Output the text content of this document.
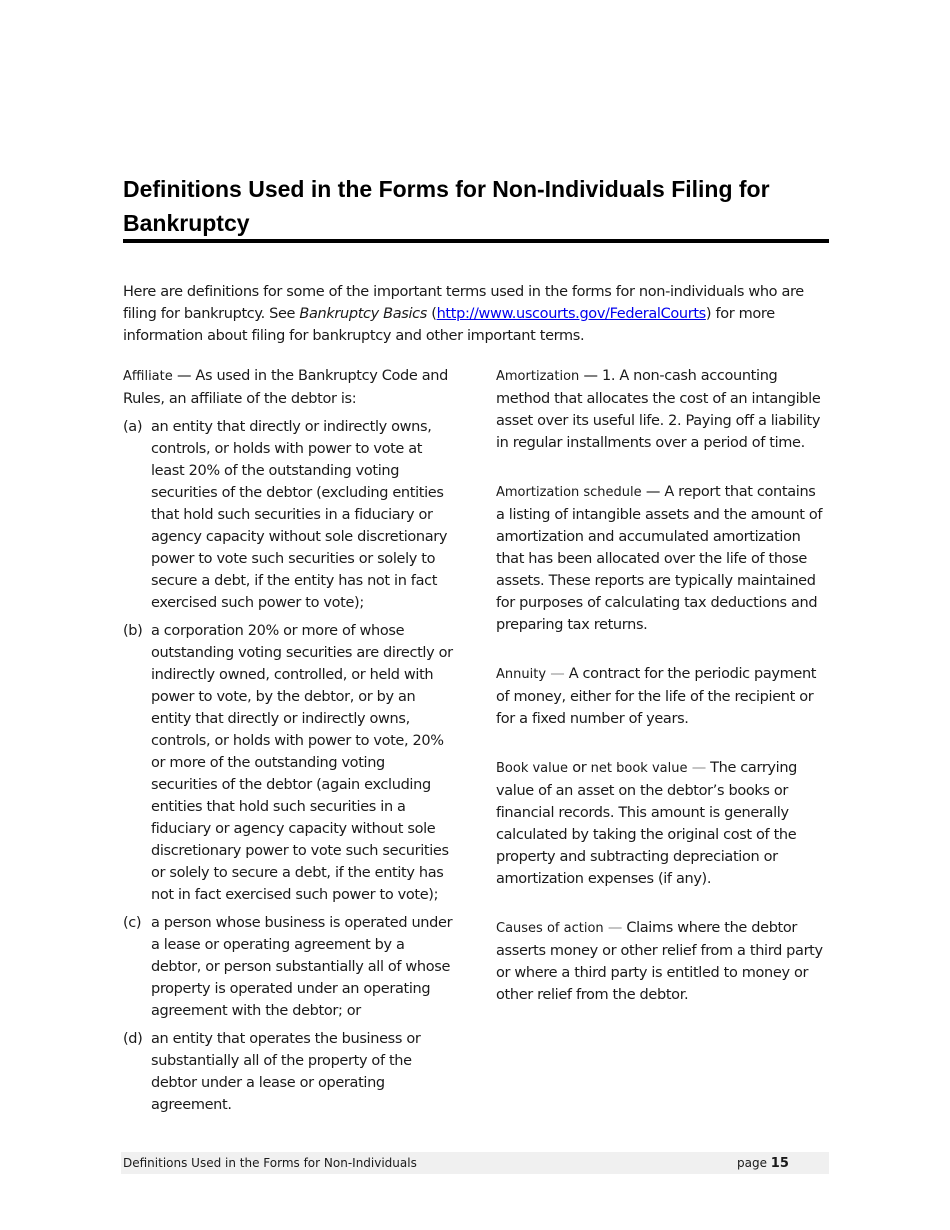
Definitions Used in the Forms for Non-Individuals Filing for Bankruptcy

Here are definitions for some of the important terms used in the forms for non-individuals who are filing for bankruptcy. See Bankruptcy Basics (http://www.uscourts.gov/FederalCourts) for more information about filing for bankruptcy and other important terms.

Affiliate — As used in the Bankruptcy Code and Rules, an affiliate of the debtor is:
(a) an entity that directly or indirectly owns, controls, or holds with power to vote at least 20% of the outstanding voting securities of the debtor (excluding entities that hold such securities in a fiduciary or agency capacity without sole discretionary power to vote such securities or solely to secure a debt, if the entity has not in fact exercised such power to vote);
(b) a corporation 20% or more of whose outstanding voting securities are directly or indirectly owned, controlled, or held with power to vote, by the debtor, or by an entity that directly or indirectly owns, controls, or holds with power to vote, 20% or more of the outstanding voting securities of the debtor (again excluding entities that hold such securities in a fiduciary or agency capacity without sole discretionary power to vote such securities or solely to secure a debt, if the entity has not in fact exercised such power to vote);
(c) a person whose business is operated under a lease or operating agreement by a debtor, or person substantially all of whose property is operated under an operating agreement with the debtor; or
(d) an entity that operates the business or substantially all of the property of the debtor under a lease or operating agreement.

Amortization — 1. A non-cash accounting method that allocates the cost of an intangible asset over its useful life. 2. Paying off a liability in regular installments over a period of time.

Amortization schedule — A report that contains a listing of intangible assets and the amount of amortization and accumulated amortization that has been allocated over the life of those assets. These reports are typically maintained for purposes of calculating tax deductions and preparing tax returns.

Annuity — A contract for the periodic payment of money, either for the life of the recipient or for a fixed number of years.

Book value or net book value — The carrying value of an asset on the debtor’s books or financial records. This amount is generally calculated by taking the original cost of the property and subtracting depreciation or amortization expenses (if any).

Causes of action — Claims where the debtor asserts money or other relief from a third party or where a third party is entitled to money or other relief from the debtor.

Definitions Used in the Forms for Non-Individuals	page 15
